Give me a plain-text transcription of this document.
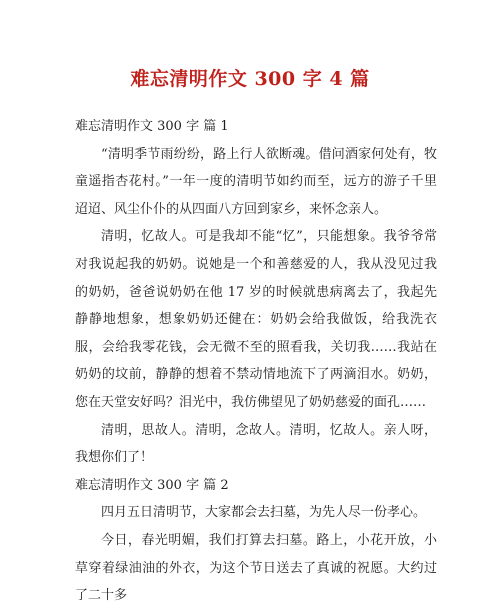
难忘清明作文 300 字 4 篇

难忘清明作文 300 字 篇 1

“清明季节雨纷纷，路上行人欲断魂。借问酒家何处有，牧童遥指杏花村。”一年一度的清明节如约而至，远方的游子千里迢迢、风尘仆仆的从四面八方回到家乡，来怀念亲人。

清明，忆故人。可是我却不能“忆”，只能想象。我爷爷常对我说起我的奶奶。说她是一个和善慈爱的人，我从没见过我的奶奶，爸爸说奶奶在他 17 岁的时候就患病离去了，我起先静静地想象，想象奶奶还健在：奶奶会给我做饭，给我洗衣服，会给我零花钱，会无微不至的照看我，关切我……我站在奶奶的坟前，静静的想着不禁动情地流下了两滴泪水。奶奶，您在天堂安好吗？泪光中，我仿佛望见了奶奶慈爱的面孔……

清明，思故人。清明，念故人。清明，忆故人。亲人呀，我想你们了！

难忘清明作文 300 字 篇 2

四月五日清明节，大家都会去扫墓，为先人尽一份孝心。

今日，春光明媚，我们打算去扫墓。路上，小花开放，小草穿着绿油油的外衣，为这个节日送去了真诚的祝愿。大约过了二十多
